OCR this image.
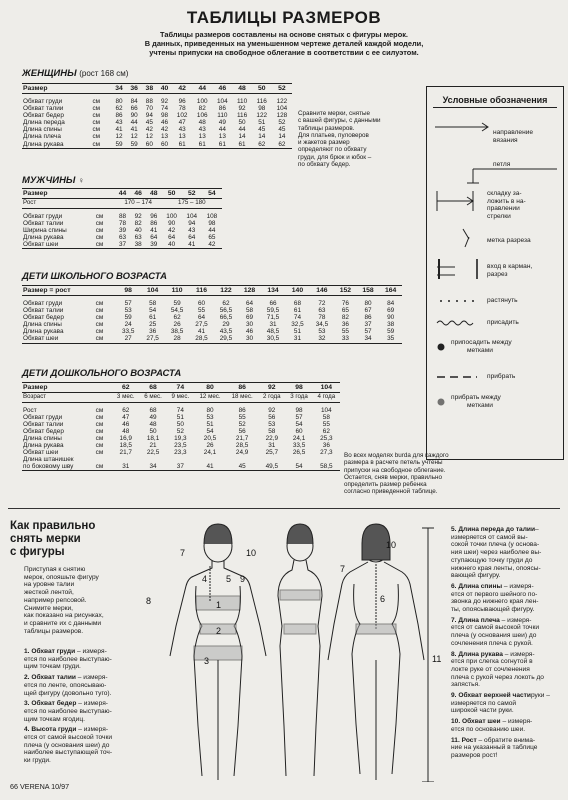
ТАБЛИЦЫ РАЗМЕРОВ
Таблицы размеров составлены на основе снятых с фигуры мерок.
В данных, приведенных на уменьшенном чертеже деталей каждой модели,
учтены припуски на свободное облегание в соответствии с ее силуэтом.
ЖЕНЩИНЫ (рост 168 см)
Размер		34	36	38	40	42	44	46	48	50	52

Обхват груди	см	80	84	88	92	96	100	104	110	116	122
Обхват талии	см	62	66	70	74	78	82	86	92	98	104
Обхват бедер	см	86	90	94	98	102	106	110	116	122	128
Длина переда	см	43	44	45	46	47	48	49	50	51	52
Длина спины	см	41	41	42	42	43	43	44	44	45	45
Длина плеча	см	12	12	12	13	13	13	13	14	14	14
Длина рукава	см	59	59	60	60	61	61	61	61	62	62
Сравните мерки, снятые
с вашей фигуры, с данными
таблицы размеров.
Для платьев, пуловеров
и жакетов размер
определяют по обхвату
груди, для брюк и юбок –
по обхвату бедер.
МУЖЧИНЫ ♀
Размер		44	46	48	50	52	54
Рост		170 – 174			175 – 180		

Обхват груди	см	88	92	96	100	104	108
Обхват талии	см	78	82	86	90	94	98
Ширина спины	см	39	40	41	42	43	44
Длина рукава	см	63	63	64	64	64	65
Обхват шеи	см	37	38	39	40	41	42
ДЕТИ ШКОЛЬНОГО ВОЗРАСТА
Размер = рост		98	104	110	116	122	128	134	140	146	152	158	164

Обхват груди	см	57	58	59	60	62	64	66	68	72	76	80	84
Обхват талии	см	53	54	54,5	55	56,5	58	59,5	61	63	65	67	69
Обхват бедер	см	59	61	62	64	66,5	69	71,5	74	78	82	86	90
Длина спины	см	24	25	26	27,5	29	30	31	32,5	34,5	36	37	38
Длина рукава	см	33,5	36	38,5	41	43,5	46	48,5	51	53	55	57	59
Обхват шеи	см	27	27,5	28	28,5	29,5	30	30,5	31	32	33	34	35
ДЕТИ ДОШКОЛЬНОГО ВОЗРАСТА
Размер		62	68	74	80	86	92	98	104
Возраст		3 мес.	6 мес.	9 мес.	12 мес.	18 мес.	2 года	3 года	4 года

Рост	см	62	68	74	80	86	92	98	104
Обхват груди	см	47	49	51	53	55	56	57	58
Обхват талии	см	46	48	50	51	52	53	54	55
Обхват бедер	см	48	50	52	54	56	58	60	62
Длина спины	см	16,9	18,1	19,3	20,5	21,7	22,9	24,1	25,3
Длина рукава	см	18,5	21	23,5	26	28,5	31	33,5	36
Обхват шеи	см	21,7	22,5	23,3	24,1	24,9	25,7	26,5	27,3
Длина штанишек									
по боковому шву	см	31	34	37	41	45	49,5	54	58,5
Во всех моделях burda для каждого
размера в расчете петель учтены
припуски на свободное облегание.
Остается, сняв мерки, правильно
определить размер ребенка
согласно приведенной таблице.
Условные обозначения
направление
вязания
петля
складку за-
ложить в на-
правлении
стрелки
метка разреза
вход в карман,
разрез
растянуть
присадить
припосадить между
метками
прибрать
прибрать между
метками
Как правильно
снять мерки
с фигуры
Приступая к снятию
мерок, опояшьте фигуру
на уровне талии
жесткой лентой,
например репсовой.
Снимите мерки,
как показано на рисунках,
и сравните их с данными
таблицы размеров.
1. Обхват груди – измеря-
ется по наиболее выступаю-
щим точкам груди.
2. Обхват талии – измеря-
ется по ленте, опоясываю-
щей фигуру (довольно туго).
3. Обхват бедер – измеря-
ется по наиболее выступаю-
щим точкам ягодиц.
4. Высота груди – измеря-
ется от самой высокой точки
плеча (у основания шеи) до
наиболее выступающей точ-
ки груди.
5. Длина переда до талии– измеряется от самой вы-
сокой точки плеча (у основа-
ния шеи) через наиболее вы-
ступающую точку груди до
нижнего края ленты, опоясы-
вающей фигуру.
6. Длина спины – измеря-
ется от первого шейного по-
звонка до нижнего края лен-
ты, опоясывающей фигуру.
7. Длина плеча – измеря-
ется от самой высокой точки
плеча (у основания шеи) до
сочленения плеча с рукой.
8. Длина рукава – измеря-
ется при слегка согнутой в
локте руке от сочленения
плеча с рукой через локоть до
запястья.
9. Обхват верхней частируки – измеряется по самой
широкой части руки.
10. Обхват шеи – измеря-
ется по основанию шеи.
11. Рост – обратите внима-
ние на указанный в таблице
размеров рост!
7	10
4 5 9
8	1
2
3
10
7
6
11
66 VERENA 10/97
